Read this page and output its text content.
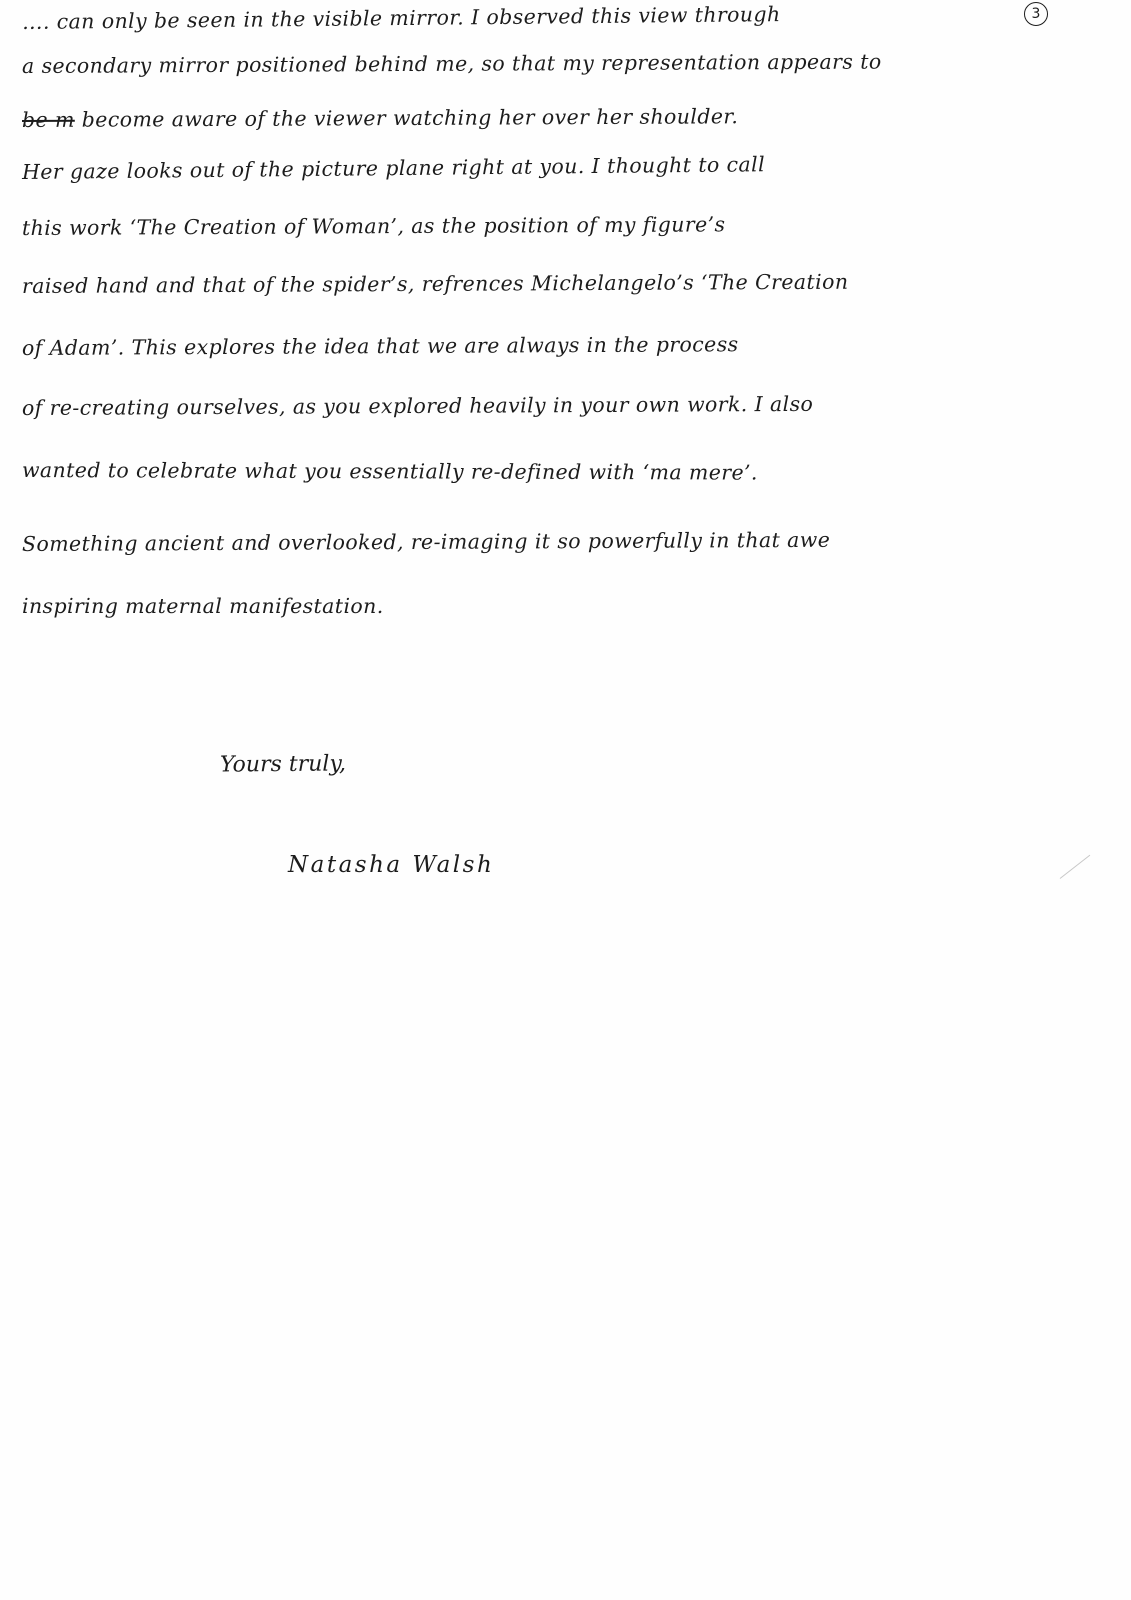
3
…. can only be seen in the visible mirror. I observed this view through
a secondary mirror positioned behind me, so that my representation appears to
be m become aware of the viewer watching her over her shoulder.
Her gaze looks out of the picture plane right at you. I thought to call
this work ‘The Creation of Woman’, as the position of my figure’s
raised hand and that of the spider’s, refrences Michelangelo’s ‘The Creation
of Adam’. This explores the idea that we are always in the process
of re-creating ourselves, as you explored heavily in your own work. I also
wanted to celebrate what you essentially re-defined with ‘ma mere’.
Something ancient and overlooked, re-imaging it so powerfully in that awe
inspiring maternal manifestation.
Yours truly,
Natasha Walsh
